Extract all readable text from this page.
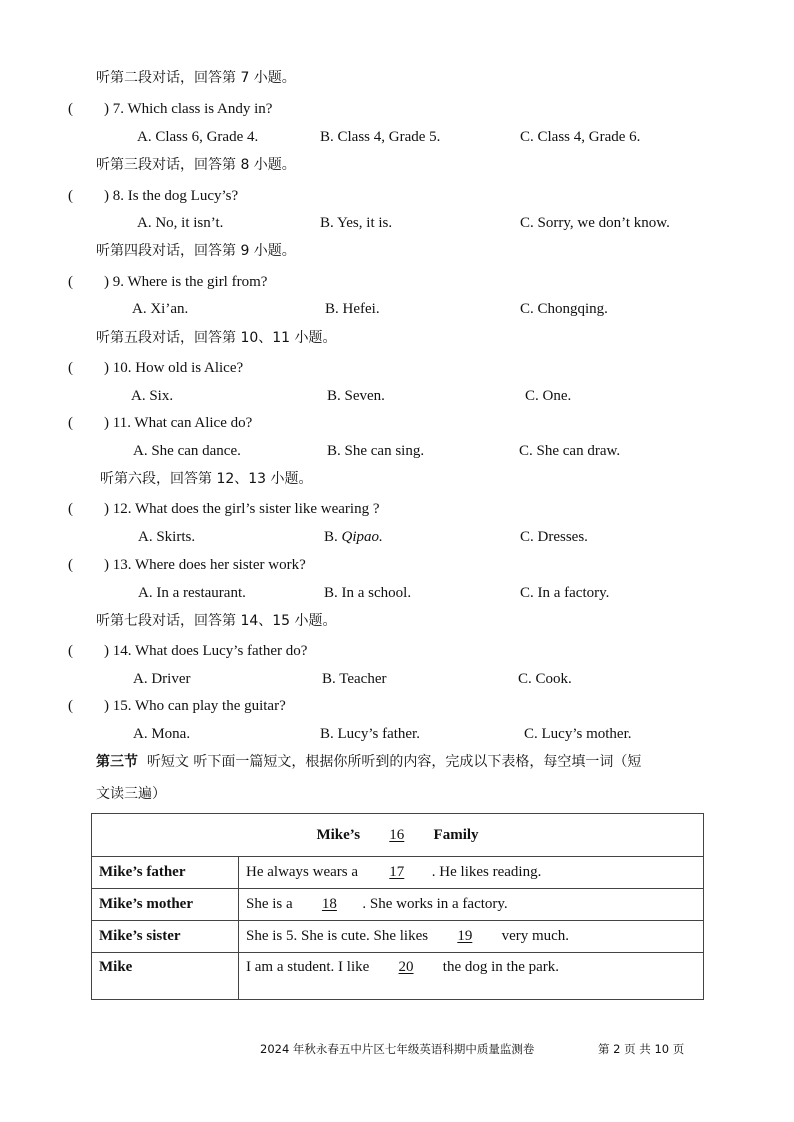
听第二段对话，回答第 7 小题。
( ) 7. Which class is Andy in?
A. Class 6, Grade 4.	B. Class 4, Grade 5.	C. Class 4, Grade 6.
听第三段对话，回答第 8 小题。
( ) 8. Is the dog Lucy’s?
A. No, it isn’t.	B. Yes, it is.	C. Sorry, we don’t know.
听第四段对话，回答第 9 小题。
( ) 9. Where is the girl from?
A. Xi’an.	B. Hefei.	C. Chongqing.
听第五段对话，回答第 10、11 小题。
( ) 10. How old is Alice?
A. Six.	B. Seven.	C. One.
( ) 11. What can Alice do?
A. She can dance.	B. She can sing.	C. She can draw.
听第六段，回答第 12、13 小题。
( ) 12. What does the girl’s sister like wearing ?
A. Skirts.	B. Qipao.	C. Dresses.
( ) 13. Where does her sister work?
A. In a restaurant.	B. In a school.	C. In a factory.
听第七段对话，回答第 14、15 小题。
( ) 14. What does Lucy’s father do?
A. Driver	B. Teacher	C. Cook.
( ) 15. Who can play the guitar?
A. Mona.	B. Lucy’s father.	C. Lucy’s mother.
第三节 听短文 听下面一篇短文，根据你所听到的内容，完成以下表格，每空填一词（短
文读三遍）
Mike’s 16 Family	
Mike’s father	He always wears a 17 . He likes reading.
Mike’s mother	She is a 18 . She works in a factory.
Mike’s sister	She is 5. She is cute. She likes 19 very much.
Mike	I am a student. I like 20 the dog in the park.
2024 年秋永春五中片区七年级英语科期中质量监测卷	第 2 页 共 10 页
